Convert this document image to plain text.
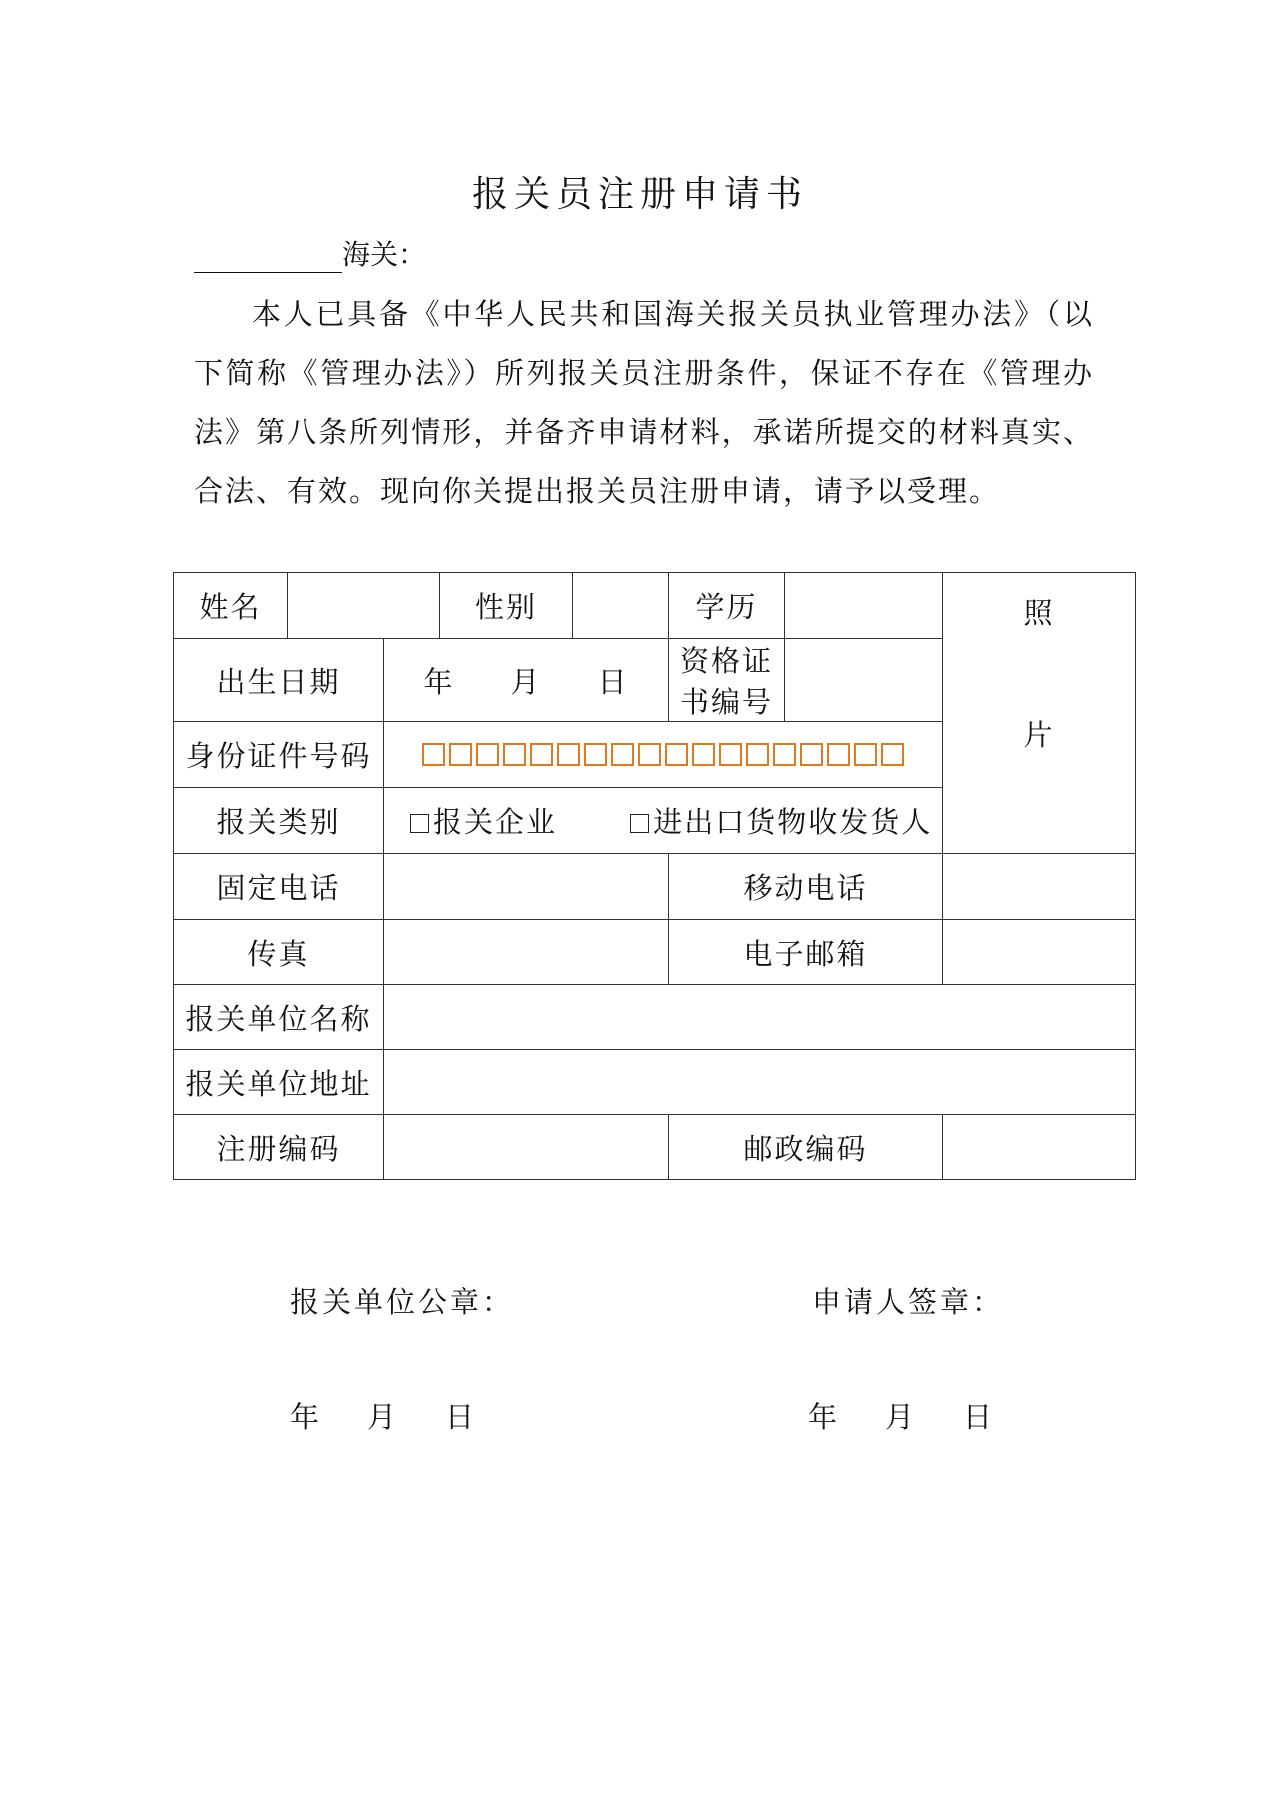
报关员注册申请书
海关：
本人已具备《中华人民共和国海关报关员执业管理办法》（以下简称《管理办法》）所列报关员注册条件，保证不存在《管理办法》第八条所列情形，并备齐申请材料，承诺所提交的材料真实、合法、有效。现向你关提出报关员注册申请，请予以受理。
姓名			性别		学历		照
片

出生日期		年 月 日			资格证书编号		
身份证件号码							

报关类别		报关企业 进出口货物收发货人					
固定电话					移动电话		
传真					电子邮箱		
报关单位名称							
报关单位地址							
注册编码					邮政编码		
报关单位公章：	申请人签章：
年 月 日	年 月 日
